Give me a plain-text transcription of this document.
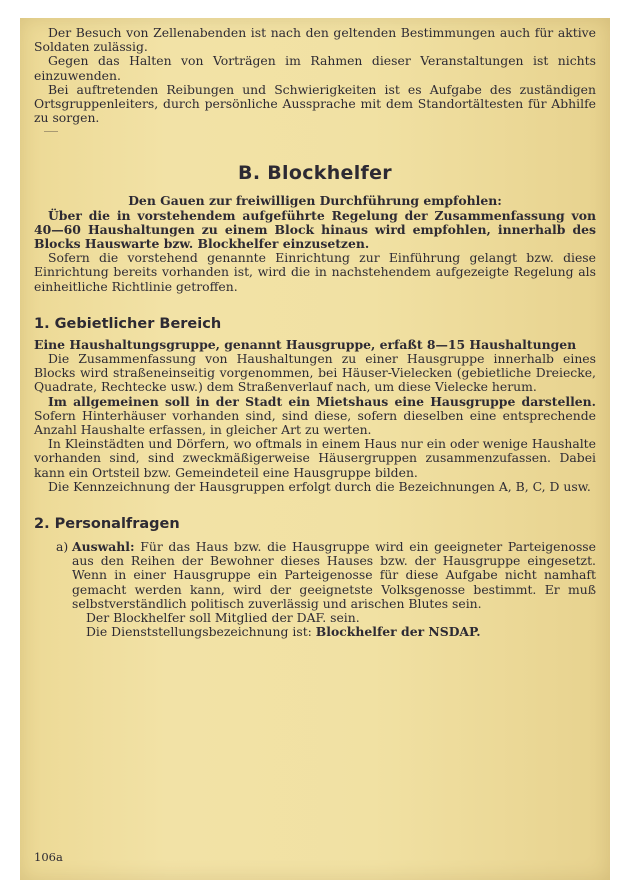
Der Besuch von Zellenabenden ist nach den geltenden Bestimmungen auch für aktive Soldaten zulässig.

Gegen das Halten von Vorträgen im Rahmen dieser Veranstaltungen ist nichts einzuwenden.

Bei auftretenden Reibungen und Schwierigkeiten ist es Aufgabe des zuständigen Ortsgruppenleiters, durch persönliche Aussprache mit dem Standortältesten für Abhilfe zu sorgen.

B. Blockhelfer

Den Gauen zur freiwilligen Durchführung empfohlen:

Über die in vorstehendem aufgeführte Regelung der Zusammenfassung von 40—60 Haushaltungen zu einem Block hinaus wird empfohlen, innerhalb des Blocks Hauswarte bzw. Blockhelfer einzusetzen.

Sofern die vorstehend genannte Einrichtung zur Einführung gelangt bzw. diese Einrichtung bereits vorhanden ist, wird die in nachstehendem aufgezeigte Regelung als einheitliche Richtlinie getroffen.

1. Gebietlicher Bereich

Eine Haushaltungsgruppe, genannt Hausgruppe, erfaßt 8—15 Haushaltungen

Die Zusammenfassung von Haushaltungen zu einer Hausgruppe innerhalb eines Blocks wird straßeneinseitig vorgenommen, bei Häuser-Vielecken (gebietliche Dreiecke, Quadrate, Rechtecke usw.) dem Straßenverlauf nach, um diese Vielecke herum.

Im allgemeinen soll in der Stadt ein Mietshaus eine Hausgruppe darstellen. Sofern Hinterhäuser vorhanden sind, sind diese, sofern dieselben eine entsprechende Anzahl Haushalte erfassen, in gleicher Art zu werten.

In Kleinstädten und Dörfern, wo oftmals in einem Haus nur ein oder wenige Haushalte vorhanden sind, sind zweckmäßigerweise Häusergruppen zusammenzufassen. Dabei kann ein Ortsteil bzw. Gemeindeteil eine Hausgruppe bilden.

Die Kennzeichnung der Hausgruppen erfolgt durch die Bezeichnungen A, B, C, D usw.

2. Personalfragen
a) Auswahl: Für das Haus bzw. die Hausgruppe wird ein geeigneter Parteigenosse aus den Reihen der Bewohner dieses Hauses bzw. der Hausgruppe eingesetzt. Wenn in einer Hausgruppe ein Parteigenosse für diese Aufgabe nicht namhaft gemacht werden kann, wird der geeignetste Volksgenosse bestimmt. Er muß selbstverständlich politisch zuverlässig und arischen Blutes sein.

Der Blockhelfer soll Mitglied der DAF. sein.

Die Dienststellungsbezeichnung ist: Blockhelfer der NSDAP.

106a
